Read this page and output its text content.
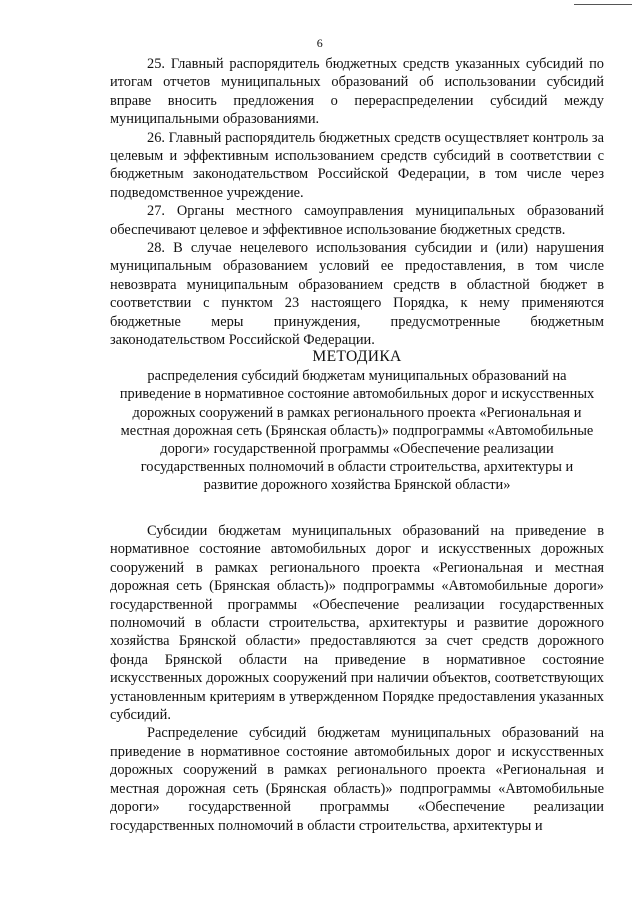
6

25. Главный распорядитель бюджетных средств указанных субсидий по итогам отчетов муниципальных образований об использовании субсидий вправе вносить предложения о перераспределении субсидий между муниципальными образованиями.

26. Главный распорядитель бюджетных средств осуществляет контроль за целевым и эффективным использованием средств субсидий в соответствии с бюджетным законодательством Российской Федерации, в том числе через подведомственное учреждение.

27. Органы местного самоуправления муниципальных образований обеспечивают целевое и эффективное использование бюджетных средств.

28. В случае нецелевого использования субсидии и (или) нарушения муниципальным образованием условий ее предоставления, в том числе невозврата муниципальным образованием средств в областной бюджет в соответствии с пунктом 23 настоящего Порядка, к нему применяются бюджетные меры принуждения, предусмотренные бюджетным законодательством Российской Федерации.

МЕТОДИКА

распределения субсидий бюджетам муниципальных образований на приведение в нормативное состояние автомобильных дорог и искусственных дорожных сооружений в рамках регионального проекта «Региональная и местная дорожная сеть (Брянская область)» подпрограммы «Автомобильные дороги» государственной программы «Обеспечение реализации государственных полномочий в области строительства, архитектуры и развитие дорожного хозяйства Брянской области»

Субсидии бюджетам муниципальных образований на приведение в нормативное состояние автомобильных дорог и искусственных дорожных сооружений в рамках регионального проекта «Региональная и местная дорожная сеть (Брянская область)» подпрограммы «Автомобильные дороги» государственной программы «Обеспечение реализации государственных полномочий в области строительства, архитектуры и развитие дорожного хозяйства Брянской области» предоставляются за счет средств дорожного фонда Брянской области на приведение в нормативное состояние искусственных дорожных сооружений при наличии объектов, соответствующих установленным критериям в утвержденном Порядке предоставления указанных субсидий.

Распределение субсидий бюджетам муниципальных образований на приведение в нормативное состояние автомобильных дорог и искусственных дорожных сооружений в рамках регионального проекта «Региональная и местная дорожная сеть (Брянская область)» подпрограммы «Автомобильные дороги» государственной программы «Обеспечение реализации государственных полномочий в области строительства, архитектуры и
